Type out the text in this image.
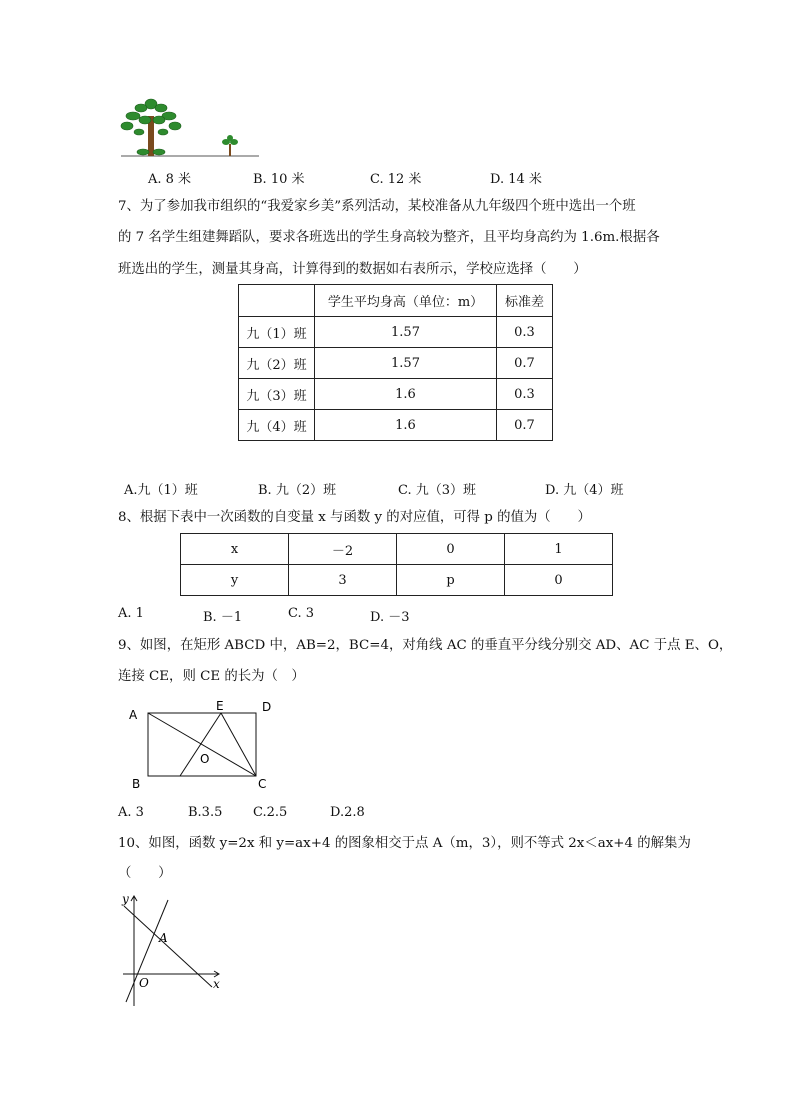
A. 8 米	B. 10 米	C. 12 米	D. 14 米
7、为了参加我市组织的“我爱家乡美”系列活动，某校准备从九年级四个班中选出一个班
的 7 名学生组建舞蹈队，要求各班选出的学生身高较为整齐，且平均身高约为 1.6m.根据各
班选出的学生，测量其身高，计算得到的数据如右表所示，学校应选择（　　）
	学生平均身高（单位：m）	标准差
九（1）班	1.57	0.3
九（2）班	1.57	0.7
九（3）班	1.6	0.3
九（4）班	1.6	0.7
A.九（1）班	B. 九（2）班	C. 九（3）班	D. 九（4）班
8、根据下表中一次函数的自变量 x 与函数 y 的对应值，可得 p 的值为（　　）
x	－2	0	1
y	3	p	0
A. 1	B. －1	C. 3	D. －3
9、如图，在矩形 ABCD 中，AB=2，BC=4，对角线 AC 的垂直平分线分别交 AD、AC 于点 E、O，
连接 CE，则 CE 的长为（　）
A
B	C
D
E
O
A. 3	B.3.5 C.2.5	D.2.8
10、如图，函数 y=2x 和 y=ax+4 的图象相交于点 A（m，3），则不等式 2x＜ax+4 的解集为
（　　）
y
x
A
O
